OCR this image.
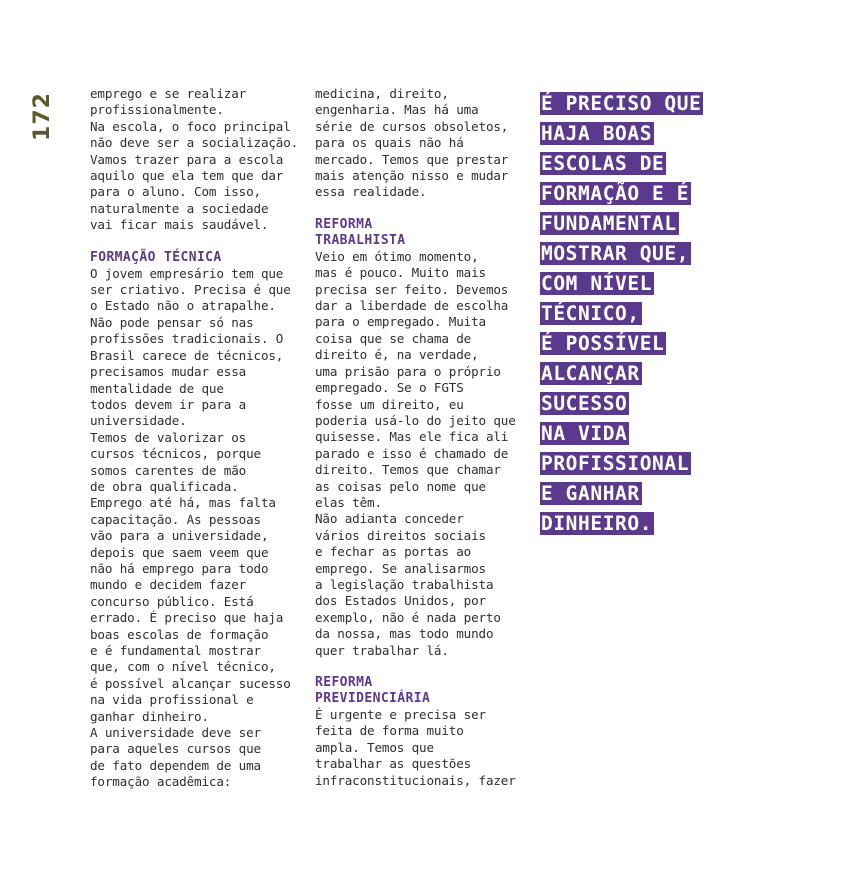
172	emprego e se realizar
profissionalmente.
Na escola, o foco principal
não deve ser a socialização.
Vamos trazer para a escola
aquilo que ela tem que dar
para o aluno. Com isso,
naturalmente a sociedade
vai ficar mais saudável.

FORMAÇÃO TÉCNICA

O jovem empresário tem que
ser criativo. Precisa é que
o Estado não o atrapalhe.
Não pode pensar só nas
profissões tradicionais. O
Brasil carece de técnicos,
precisamos mudar essa
mentalidade de que
todos devem ir para a
universidade.
Temos de valorizar os
cursos técnicos, porque
somos carentes de mão
de obra qualificada.
Emprego até há, mas falta
capacitação. As pessoas
vão para a universidade,
depois que saem veem que
não há emprego para todo
mundo e decidem fazer
concurso público. Está
errado. É preciso que haja
boas escolas de formação
e é fundamental mostrar
que, com o nível técnico,
é possível alcançar sucesso
na vida profissional e
ganhar dinheiro.
A universidade deve ser
para aqueles cursos que
de fato dependem de uma
formação acadêmica:

medicina, direito,
engenharia. Mas há uma
série de cursos obsoletos,
para os quais não há
mercado. Temos que prestar
mais atenção nisso e mudar
essa realidade.

REFORMA
TRABALHISTA

Veio em ótimo momento,
mas é pouco. Muito mais
precisa ser feito. Devemos
dar a liberdade de escolha
para o empregado. Muita
coisa que se chama de
direito é, na verdade,
uma prisão para o próprio
empregado. Se o FGTS
fosse um direito, eu
poderia usá-lo do jeito que
quisesse. Mas ele fica ali
parado e isso é chamado de
direito. Temos que chamar
as coisas pelo nome que
elas têm.
Não adianta conceder
vários direitos sociais
e fechar as portas ao
emprego. Se analisarmos
a legislação trabalhista
dos Estados Unidos, por
exemplo, não é nada perto
da nossa, mas todo mundo
quer trabalhar lá.

REFORMA
PREVIDENCIÁRIA

É urgente e precisa ser
feita de forma muito
ampla. Temos que
trabalhar as questões
infraconstitucionais, fazer

É PRECISO QUE
HAJA BOAS
ESCOLAS DE
FORMAÇÃO E É
FUNDAMENTAL
MOSTRAR QUE,
COM NÍVEL
TÉCNICO,
É POSSÍVEL
ALCANÇAR
SUCESSO
NA VIDA
PROFISSIONAL
E GANHAR
DINHEIRO.
